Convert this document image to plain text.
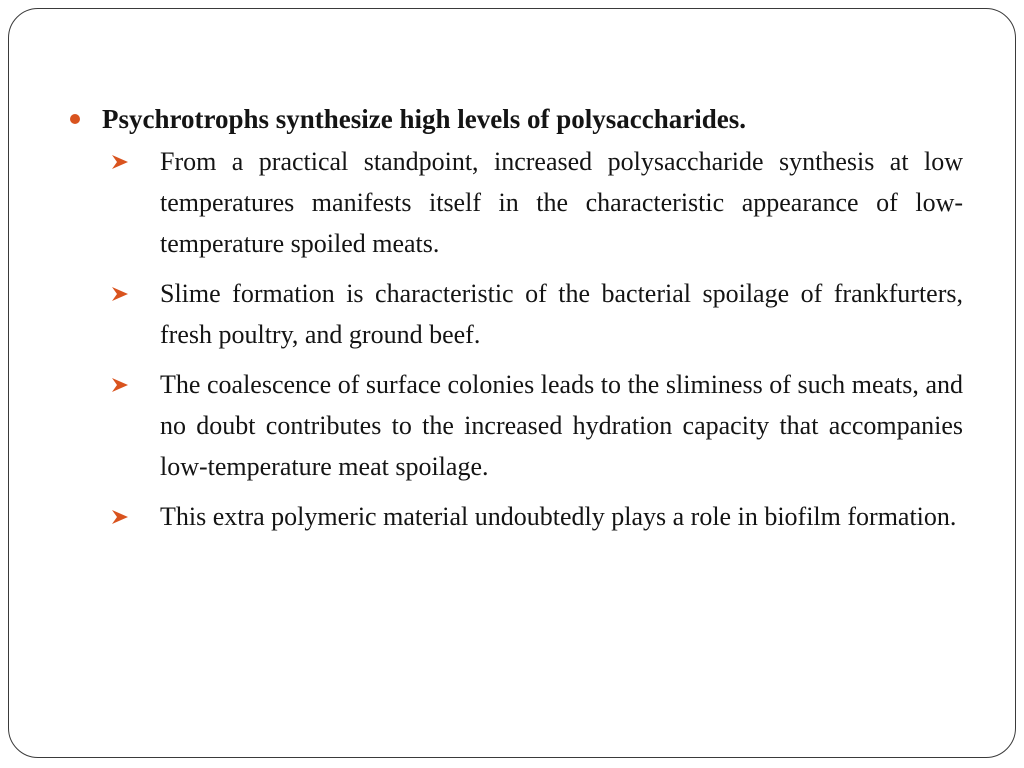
Psychrotrophs synthesize high levels of polysaccharides.
From a practical standpoint, increased polysaccharide synthesis at low temperatures manifests itself in the characteristic appearance of low-temperature spoiled meats.
Slime formation is characteristic of the bacterial spoilage of frankfurters, fresh poultry, and ground beef.
The coalescence of surface colonies leads to the sliminess of such meats, and no doubt contributes to the increased hydration capacity that accompanies low-temperature meat spoilage.
This extra polymeric material undoubtedly plays a role in biofilm formation.
